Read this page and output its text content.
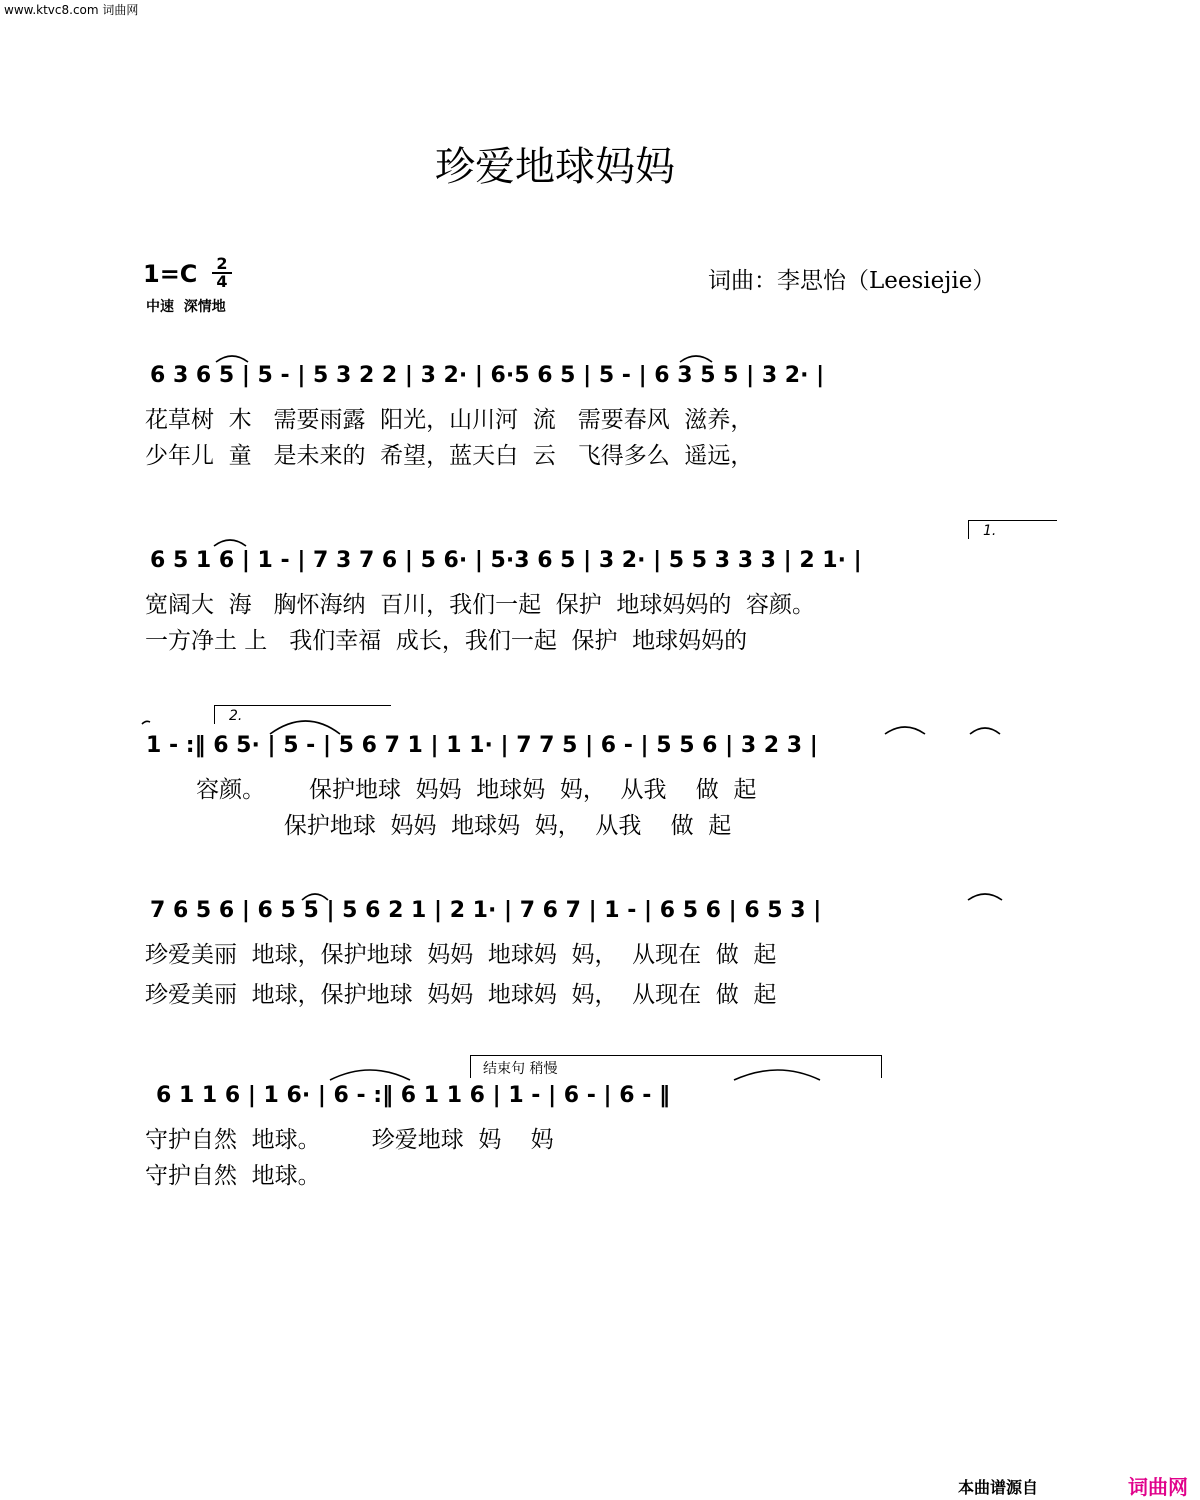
www.ktvc8.com 词曲网
珍爱地球妈妈
$1=C \frac{2}{4}$
中速  深情地
词曲：李思怡（Leesiejie）
6 3 6 5 | 5 - | 5 3 2 2 | 3 2· | 6·5 6 5 | 5 - | 6 3 5 5 | 3 2· |
花草树  木   需要雨露  阳光，山川河  流   需要春风  滋养，
少年儿  童   是未来的  希望，蓝天白  云   飞得多么  遥远，
1.
6 5 1 6 | 1 - | 7 3 7 6 | 5 6· | 5·3 6 5 | 3 2· | 5 5 3 3 3 | 2 1· |
宽阔大  海   胸怀海纳  百川，我们一起  保护  地球妈妈的  容颜。
一方净土 上   我们幸福  成长，我们一起  保护  地球妈妈的
2.
1 - :‖ 6 5· | 5 - | 5 6 7 1 | 1 1· | 7 7 5 | 6 - | 5 5 6 | 3 2 3 |
容颜。      保护地球  妈妈  地球妈  妈，  从我    做  起
保护地球  妈妈  地球妈  妈，  从我    做  起
7 6 5 6 | 6 5 5 | 5 6 2 1 | 2 1· | 7 6 7 | 1 - | 6 5 6 | 6 5 3 |
珍爱美丽  地球，保护地球  妈妈  地球妈  妈，  从现在  做  起
珍爱美丽  地球，保护地球  妈妈  地球妈  妈，  从现在  做  起
结束句 稍慢
6 1 1 6 | 1 6· | 6 - :‖ 6 1 1 6 | 1 - | 6 - | 6 - ‖
守护自然  地球。       珍爱地球  妈    妈
守护自然  地球。
本曲谱源自	词曲网
